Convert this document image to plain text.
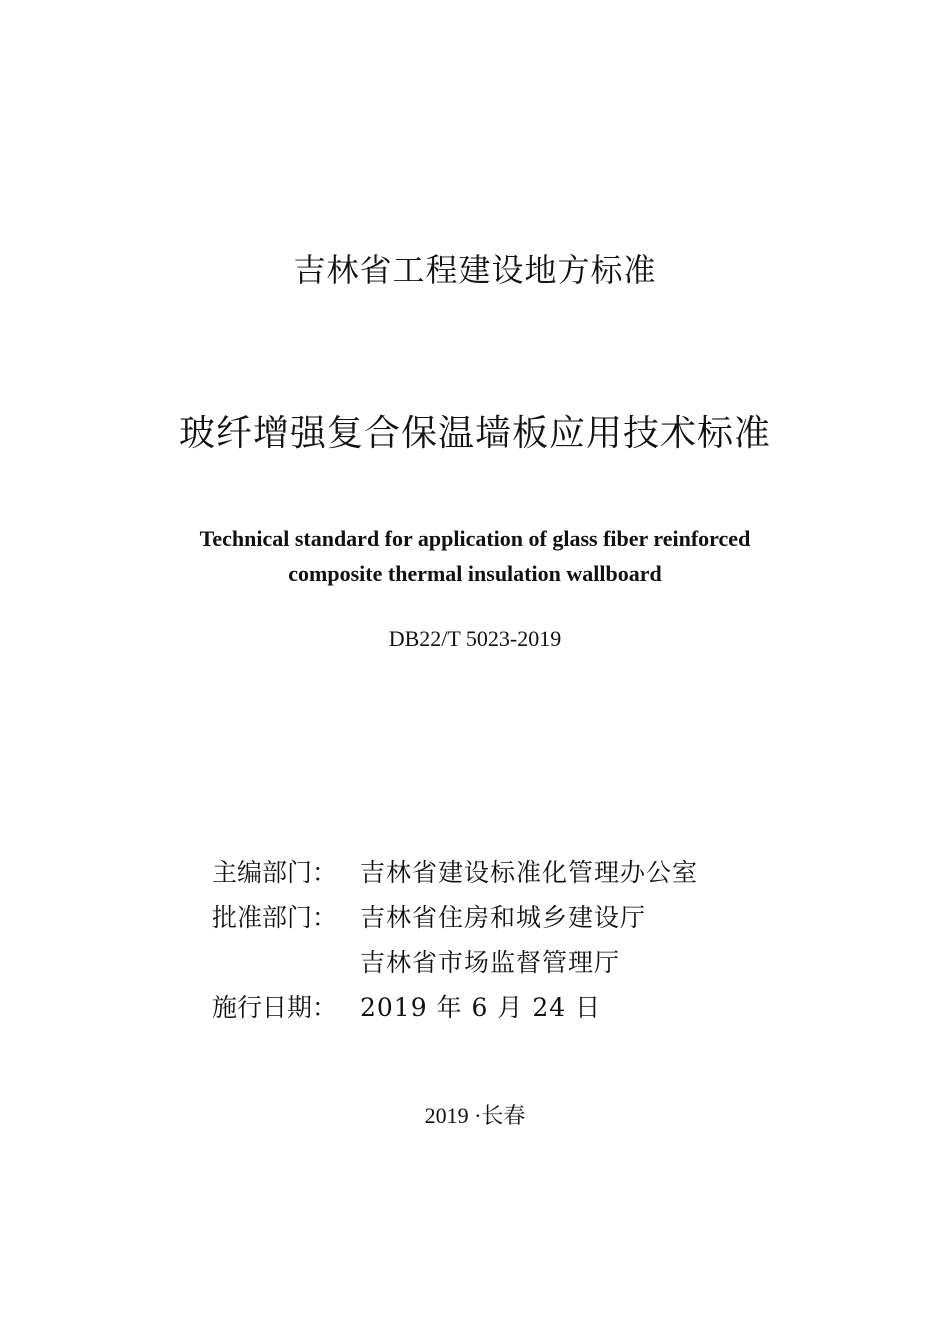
吉林省工程建设地方标准
玻纤增强复合保温墙板应用技术标准
Technical standard for application of glass fiber reinforced
composite thermal insulation wallboard
DB22/T 5023-2019
主编部门： 吉林省建设标准化管理办公室
批准部门： 吉林省住房和城乡建设厅
吉林省市场监督管理厅
施行日期： 2019 年 6 月 24 日
2019 ·长春
